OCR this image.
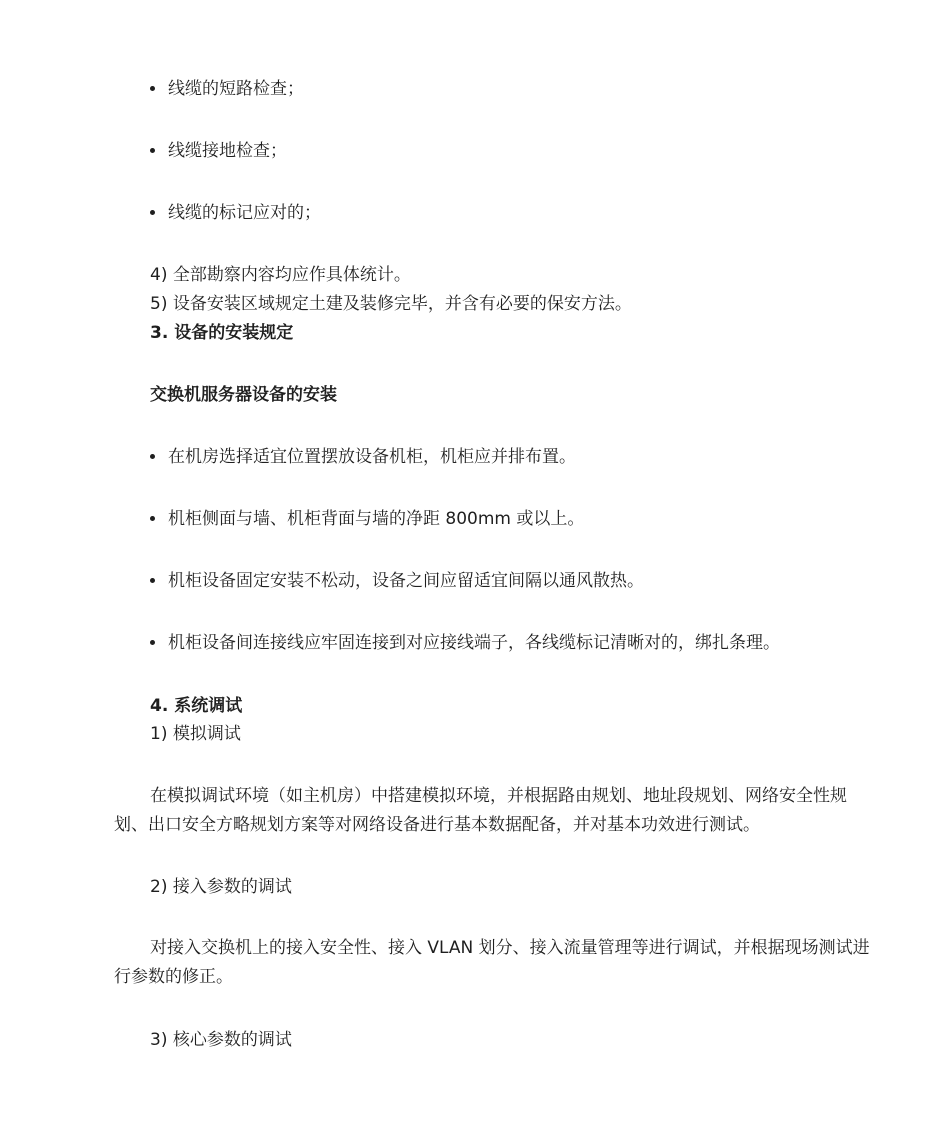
线缆的短路检查；
线缆接地检查；
线缆的标记应对的；
4) 全部勘察内容均应作具体统计。
5) 设备安装区域规定土建及装修完毕，并含有必要的保安方法。
3. 设备的安装规定
交换机服务器设备的安装
在机房选择适宜位置摆放设备机柜，机柜应并排布置。
机柜侧面与墙、机柜背面与墙的净距 800mm 或以上。
机柜设备固定安装不松动，设备之间应留适宜间隔以通风散热。
机柜设备间连接线应牢固连接到对应接线端子，各线缆标记清晰对的，绑扎条理。
4. 系统调试
1) 模拟调试
在模拟调试环境（如主机房）中搭建模拟环境，并根据路由规划、地址段规划、网络安全性规划、出口安全方略规划方案等对网络设备进行基本数据配备，并对基本功效进行测试。
2) 接入参数的调试
对接入交换机上的接入安全性、接入 VLAN 划分、接入流量管理等进行调试，并根据现场测试进行参数的修正。
3) 核心参数的调试
